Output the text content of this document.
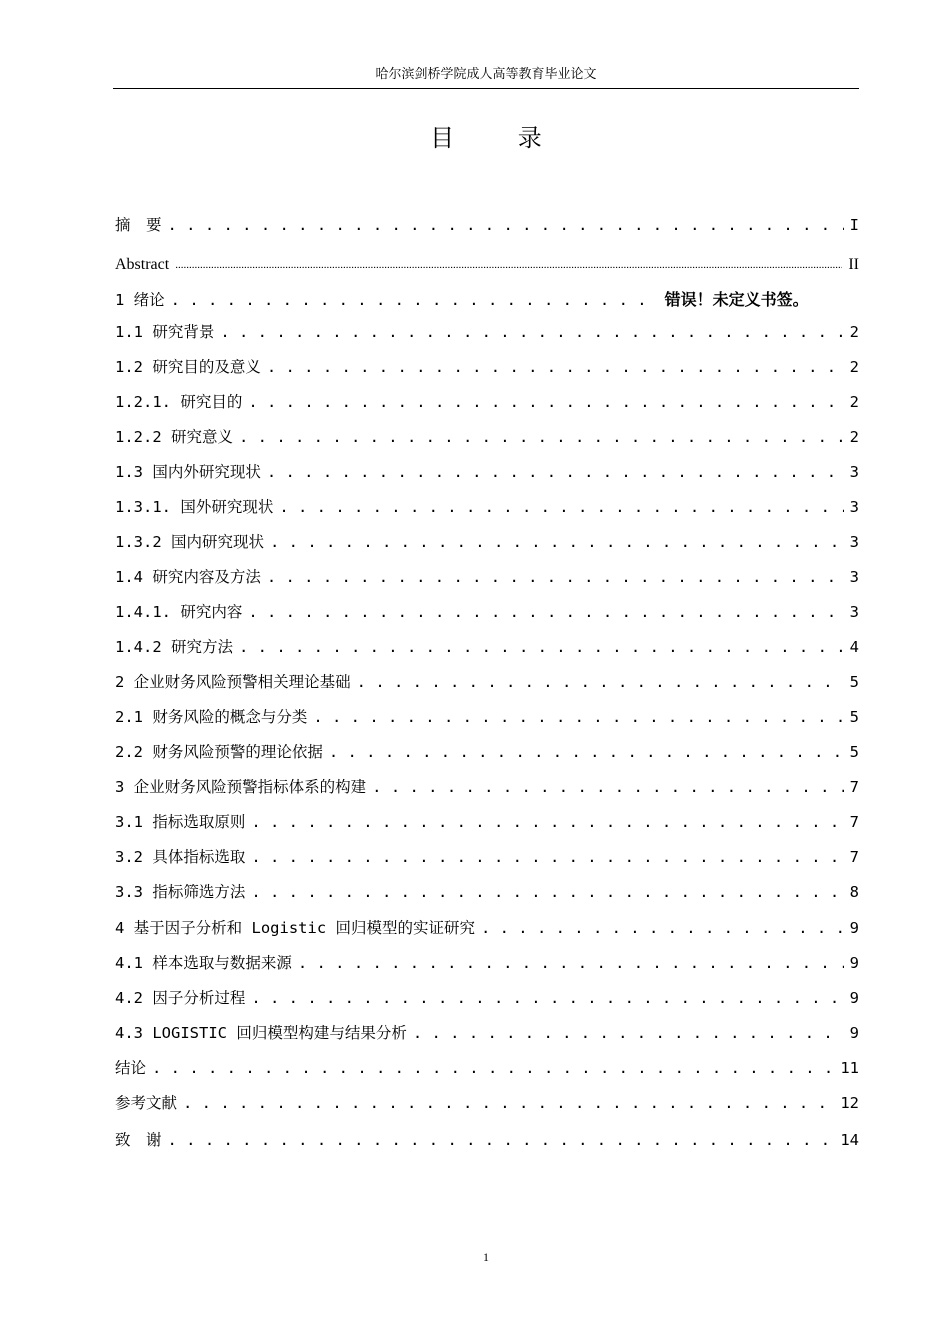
哈尔滨剑桥学院成人高等教育毕业论文
目 录
摘　要 . . .	I
Abstract .....	II
1 绪论 . . .	错误！未定义书签。
1.1 研究背景 . . .	2
1.2 研究目的及意义 . . .	2
1.2.1. 研究目的 . . .	2
1.2.2 研究意义 . . .	2
1.3 国内外研究现状 . . .	3
1.3.1. 国外研究现状 . . .	3
1.3.2 国内研究现状 . . .	3
1.4 研究内容及方法 . . .	3
1.4.1. 研究内容 . . .	3
1.4.2 研究方法 . . .	4
2 企业财务风险预警相关理论基础 . . .	5
2.1 财务风险的概念与分类 . . .	5
2.2 财务风险预警的理论依据 . . .	5
3 企业财务风险预警指标体系的构建 . . .	7
3.1 指标选取原则 . . .	7
3.2 具体指标选取 . . .	7
3.3 指标筛选方法 . . .	8
4 基于因子分析和 Logistic 回归模型的实证研究 . . .	9
4.1 样本选取与数据来源 . . .	9
4.2 因子分析过程 . . .	9
4.3 LOGISTIC 回归模型构建与结果分析 . . .	9
结论 . . .	11
参考文献 . . .	12
致　谢 . . .	14
1
